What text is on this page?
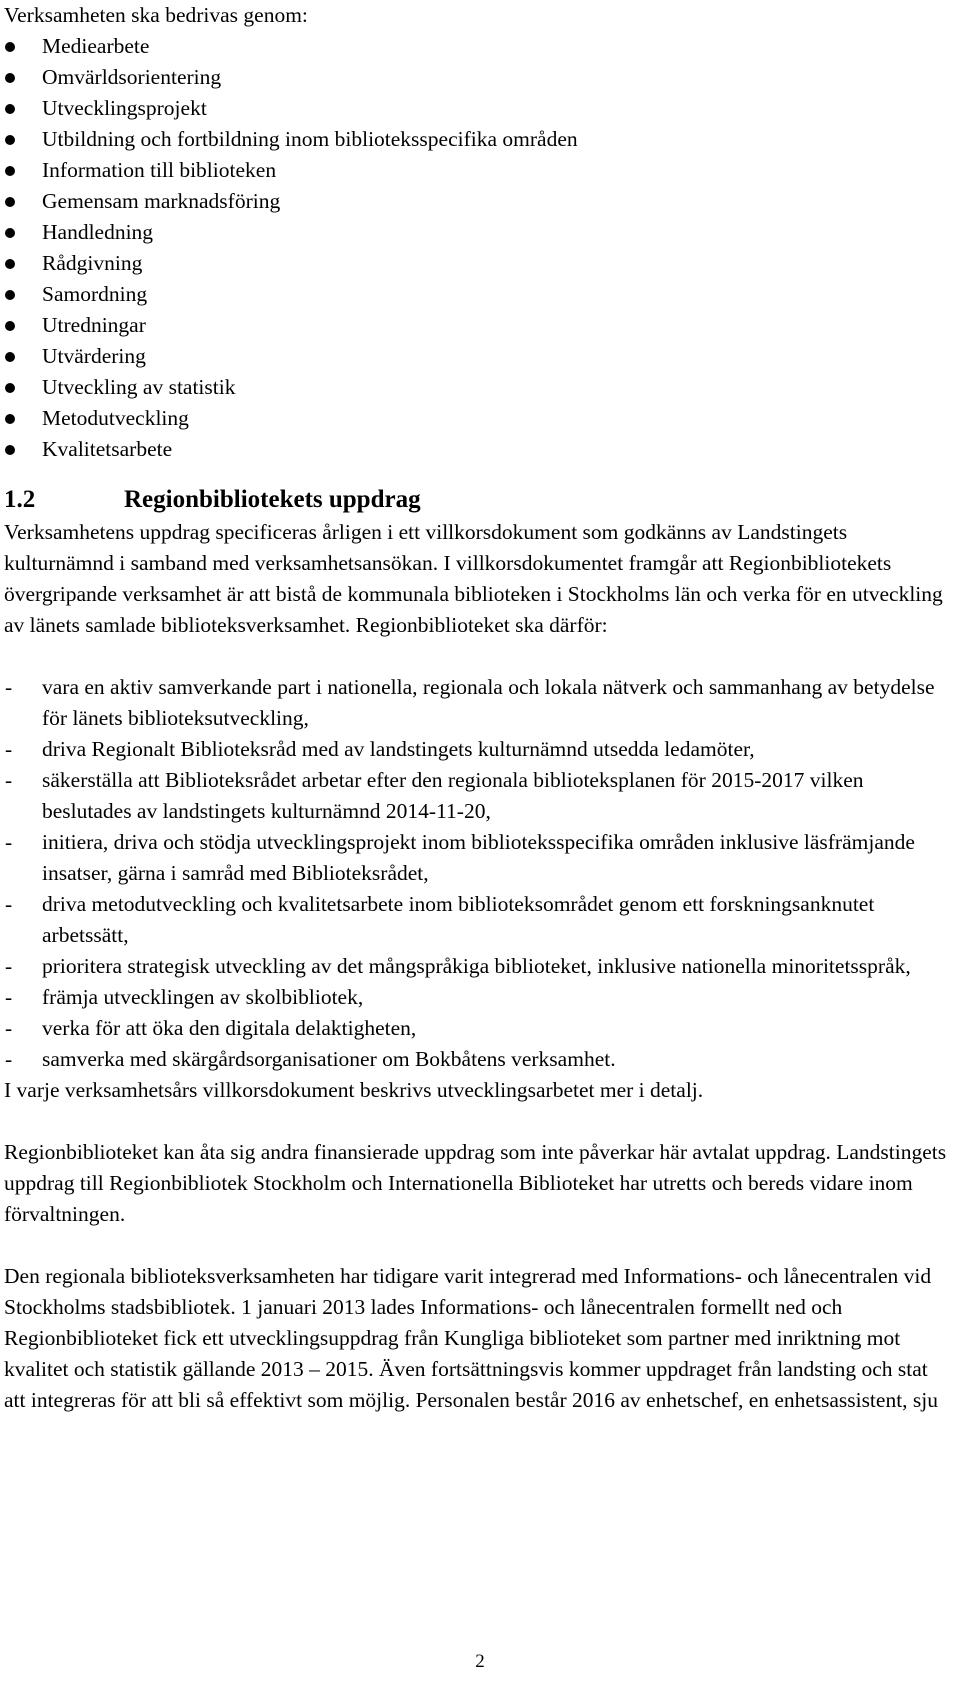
Verksamheten ska bedrivas genom:

Mediearbete
Omvärldsorientering
Utvecklingsprojekt
Utbildning och fortbildning inom biblioteksspecifika områden
Information till biblioteken
Gemensam marknadsföring
Handledning
Rådgivning
Samordning
Utredningar
Utvärdering
Utveckling av statistik
Metodutveckling
Kvalitetsarbete
1.2	Regionbibliotekets uppdrag

Verksamhetens uppdrag specificeras årligen i ett villkorsdokument som godkänns av Landstingets kulturnämnd i samband med verksamhetsansökan. I villkorsdokumentet framgår att Regionbibliotekets övergripande verksamhet är att bistå de kommunala biblioteken i Stockholms län och verka för en utveckling av länets samlade biblioteksverksamhet. Regionbiblioteket ska därför:

- vara en aktiv samverkande part i nationella, regionala och lokala nätverk och sammanhang av betydelse för länets biblioteksutveckling,
- driva Regionalt Biblioteksråd med av landstingets kulturnämnd utsedda ledamöter,
- säkerställa att Biblioteksrådet arbetar efter den regionala biblioteksplanen för 2015-2017 vilken beslutades av landstingets kulturnämnd 2014-11-20,
- initiera, driva och stödja utvecklingsprojekt inom biblioteksspecifika områden inklusive läsfrämjande insatser, gärna i samråd med Biblioteksrådet,
- driva metodutveckling och kvalitetsarbete inom biblioteksområdet genom ett forskningsanknutet arbetssätt,
- prioritera strategisk utveckling av det mångspråkiga biblioteket, inklusive nationella minoritetsspråk,
- främja utvecklingen av skolbibliotek,
- verka för att öka den digitala delaktigheten,
- samverka med skärgårdsorganisationer om Bokbåtens verksamhet.

I varje verksamhetsårs villkorsdokument beskrivs utvecklingsarbetet mer i detalj.

Regionbiblioteket kan åta sig andra finansierade uppdrag som inte påverkar här avtalat uppdrag. Landstingets uppdrag till Regionbibliotek Stockholm och Internationella Biblioteket har utretts och bereds vidare inom förvaltningen.

Den regionala biblioteksverksamheten har tidigare varit integrerad med Informations- och lånecentralen vid Stockholms stadsbibliotek. 1 januari 2013 lades Informations- och lånecentralen formellt ned och Regionbiblioteket fick ett utvecklingsuppdrag från Kungliga biblioteket som partner med inriktning mot kvalitet och statistik gällande 2013 – 2015. Även fortsättningsvis kommer uppdraget från landsting och stat att integreras för att bli så effektivt som möjlig. Personalen består 2016 av enhetschef, en enhetsassistent, sju

2
